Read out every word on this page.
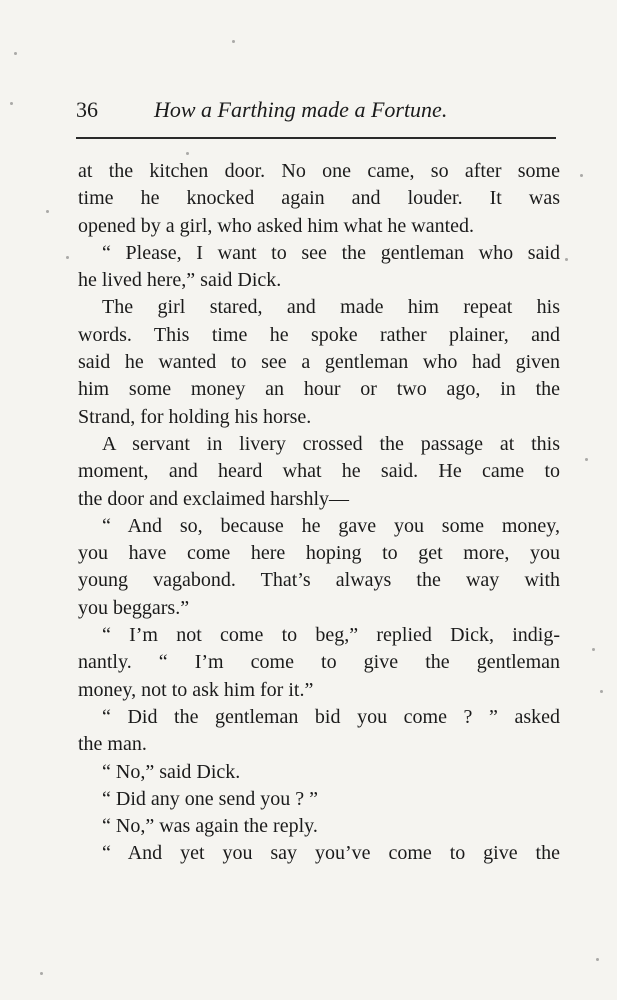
36	How a Farthing made a Fortune.
at the kitchen door. No one came, so after some
time he knocked again and louder. It was
opened by a girl, who asked him what he wanted.
“ Please, I want to see the gentleman who said
he lived here,” said Dick.
The girl stared, and made him repeat his
words. This time he spoke rather plainer, and
said he wanted to see a gentleman who had given
him some money an hour or two ago, in the
Strand, for holding his horse.
A servant in livery crossed the passage at this
moment, and heard what he said. He came to
the door and exclaimed harshly—
“ And so, because he gave you some money,
you have come here hoping to get more, you
young vagabond. That’s always the way with
you beggars.”
“ I’m not come to beg,” replied Dick, indig-
nantly. “ I’m come to give the gentleman
money, not to ask him for it.”
“ Did the gentleman bid you come ? ” asked
the man.
“ No,” said Dick.
“ Did any one send you ? ”
“ No,” was again the reply.
“ And yet you say you’ve come to give the
